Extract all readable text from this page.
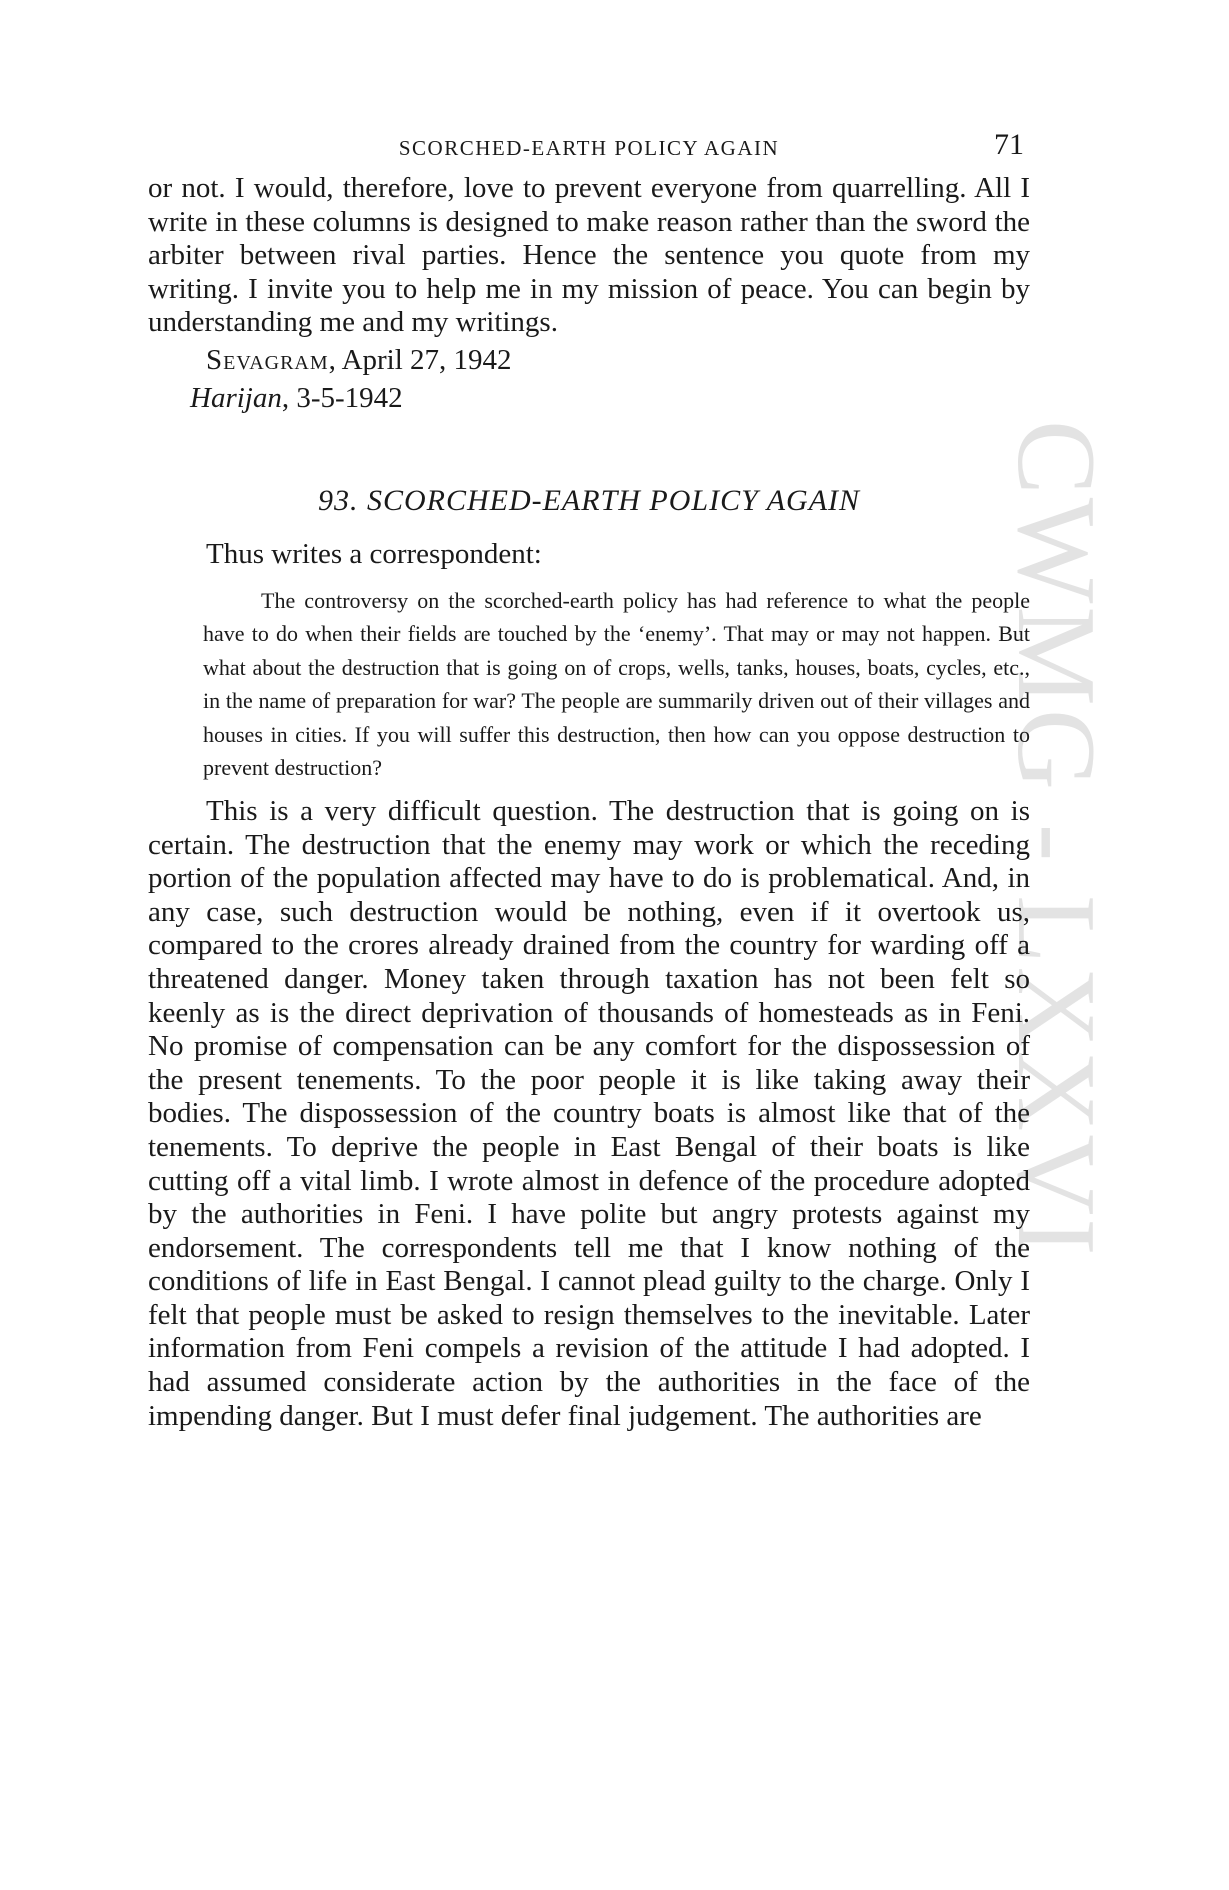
CWMG - LXXVI
SCORCHED-EARTH POLICY AGAIN	71

or not. I would, therefore, love to prevent everyone from quarrelling. All I write in these columns is designed to make reason rather than the sword the arbiter between rival parties. Hence the sentence you quote from my writing. I invite you to help me in my mission of peace. You can begin by understanding me and my writings.

Sevagram, April 27, 1942
Harijan, 3-5-1942
93. SCORCHED-EARTH POLICY AGAIN
Thus writes a correspondent:
The controversy on the scorched-earth policy has had reference to what the people have to do when their fields are touched by the ‘enemy’. That may or may not happen. But what about the destruction that is going on of crops, wells, tanks, houses, boats, cycles, etc., in the name of preparation for war? The people are summarily driven out of their villages and houses in cities. If you will suffer this destruction, then how can you oppose destruction to prevent destruction?
This is a very difficult question. The destruction that is going on is certain. The destruction that the enemy may work or which the receding portion of the population affected may have to do is problematical. And, in any case, such destruction would be nothing, even if it overtook us, compared to the crores already drained from the country for warding off a threatened danger. Money taken through taxation has not been felt so keenly as is the direct deprivation of thousands of homesteads as in Feni. No promise of compensation can be any comfort for the dispossession of the present tenements. To the poor people it is like taking away their bodies. The dispossession of the country boats is almost like that of the tenements. To deprive the people in East Bengal of their boats is like cutting off a vital limb. I wrote almost in defence of the procedure adopted by the authorities in Feni. I have polite but angry protests against my endorsement. The correspondents tell me that I know nothing of the conditions of life in East Bengal. I cannot plead guilty to the charge. Only I felt that people must be asked to resign themselves to the inevitable. Later information from Feni compels a revision of the attitude I had adopted. I had assumed considerate action by the authorities in the face of the impending danger. But I must defer final judgement. The authorities are
